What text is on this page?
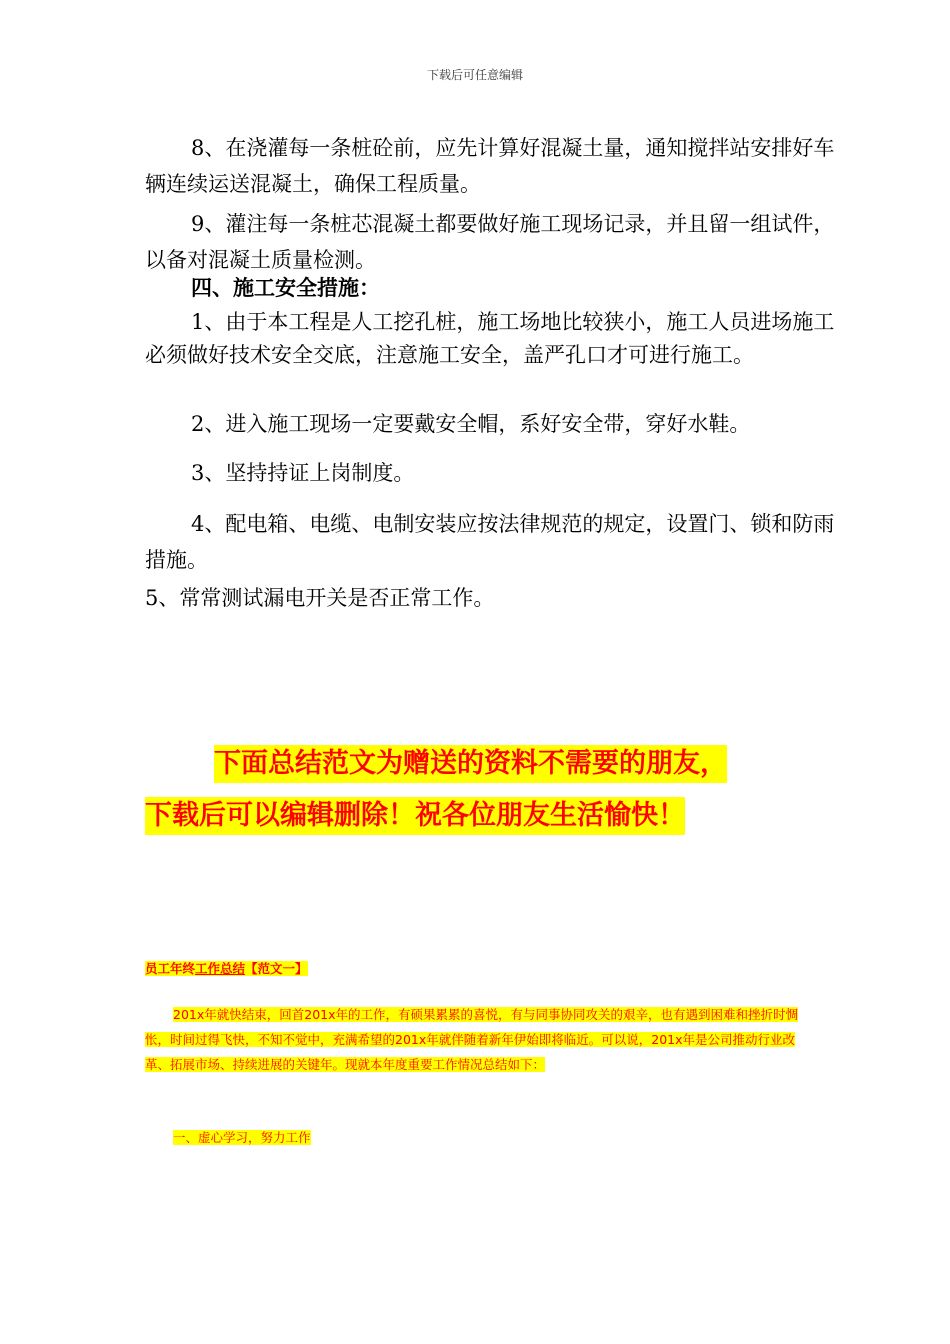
下载后可任意编辑

8、在浇灌每一条桩砼前，应先计算好混凝土量，通知搅拌站安排好车辆连续运送混凝土，确保工程质量。

9、灌注每一条桩芯混凝土都要做好施工现场记录，并且留一组试件，以备对混凝土质量检测。

四、施工安全措施：

1、由于本工程是人工挖孔桩，施工场地比较狭小，施工人员进场施工必须做好技术安全交底，注意施工安全，盖严孔口才可进行施工。

2、进入施工现场一定要戴安全帽，系好安全带，穿好水鞋。

3、坚持持证上岗制度。

4、配电箱、电缆、电制安装应按法律规范的规定，设置门、锁和防雨措施。

5、常常测试漏电开关是否正常工作。

下面总结范文为赠送的资料不需要的朋友，
下载后可以编辑删除！祝各位朋友生活愉快！

员工年终工作总结【范文一】

201x年就快结束，回首201x年的工作，有硕果累累的喜悦，有与同事协同攻关的艰辛，也有遇到困难和挫折时惆怅，时间过得飞快，不知不觉中，充满希望的201x年就伴随着新年伊始即将临近。可以说，201x年是公司推动行业改革、拓展市场、持续进展的关键年。现就本年度重要工作情况总结如下：

一、虚心学习，努力工作
